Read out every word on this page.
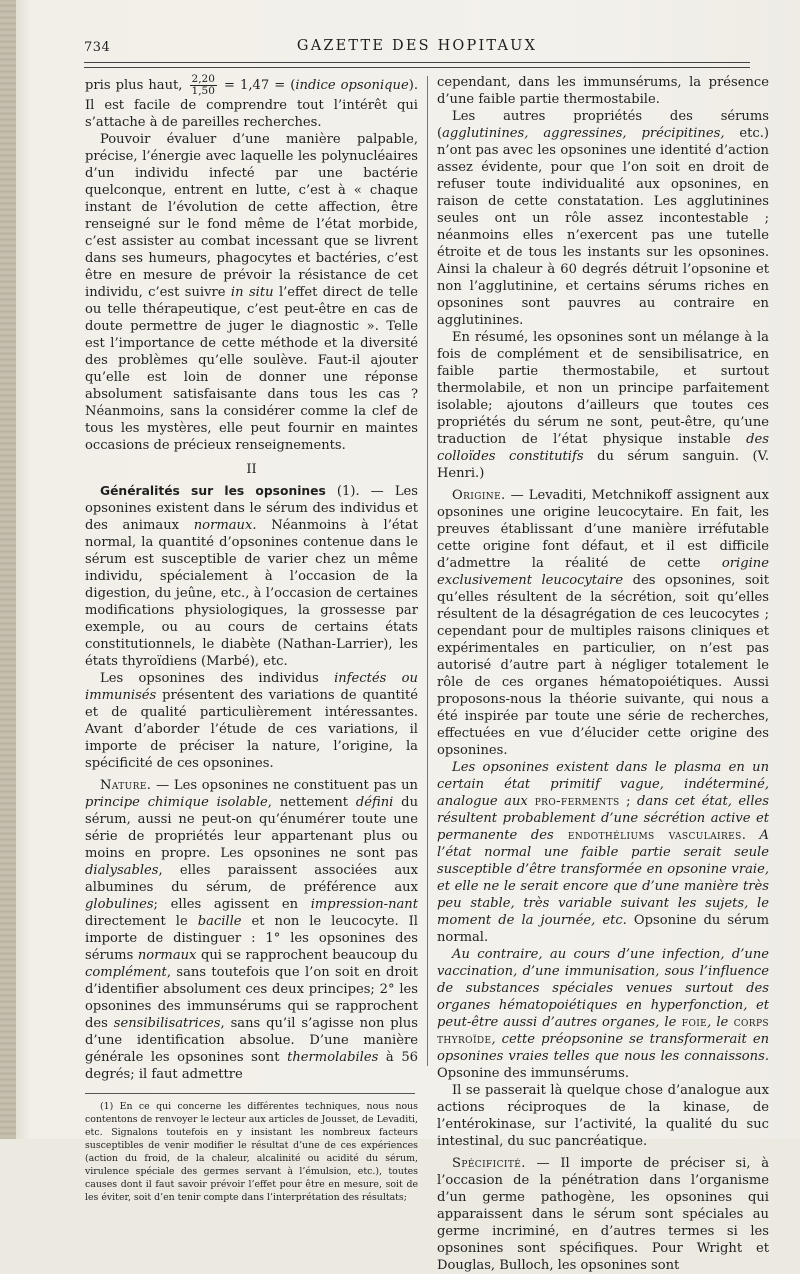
734	GAZETTE DES HOPITAUX

pris plus haut, $\frac{2,20}{1,50} = 1,47$ = (indice opsonique). Il est facile de comprendre tout l’intérêt qui s’attache à de pareilles recherches.

Pouvoir évaluer d’une manière palpable, précise, l’énergie avec laquelle les polynucléaires d’un individu infecté par une bactérie quelconque, entrent en lutte, c’est à « chaque instant de l’évolution de cette affection, être renseigné sur le fond même de l’état morbide, c’est assister au combat incessant que se livrent dans ses humeurs, phagocytes et bactéries, c’est être en mesure de prévoir la résistance de cet individu, c’est suivre in situ l’effet direct de telle ou telle thérapeutique, c’est peut-être en cas de doute permettre de juger le diagnostic ». Telle est l’importance de cette méthode et la diversité des problèmes qu’elle soulève. Faut-il ajouter qu’elle est loin de donner une réponse absolument satisfaisante dans tous les cas ? Néanmoins, sans la considérer comme la clef de tous les mystères, elle peut fournir en maintes occasions de précieux renseignements.

II

Généralités sur les opsonines (1). — Les opsonines existent dans le sérum des individus et des animaux normaux. Néanmoins à l’état normal, la quantité d’opsonines contenue dans le sérum est susceptible de varier chez un même individu, spécialement à l’occasion de la digestion, du jeûne, etc., à l’occasion de certaines modifications physiologiques, la grossesse par exemple, ou au cours de certains états constitutionnels, le diabète (Nathan-Larrier), les états thyroïdiens (Marbé), etc.

Les opsonines des individus infectés ou immunisés présentent des variations de quantité et de qualité particulièrement intéressantes. Avant d’aborder l’étude de ces variations, il importe de préciser la nature, l’origine, la spécificité de ces opsonines.

Nature. — Les opsonines ne constituent pas un principe chimique isolable, nettement défini du sérum, aussi ne peut-on qu’énumérer toute une série de propriétés leur appartenant plus ou moins en propre. Les opsonines ne sont pas dialysables, elles paraissent associées aux albumines du sérum, de préférence aux globulines; elles agissent en impression-nant directement le bacille et non le leucocyte. Il importe de distinguer : 1° les opsonines des sérums normaux qui se rapprochent beaucoup du complément, sans toutefois que l’on soit en droit d’identifier absolument ces deux principes; 2° les opsonines des immunsérums qui se rapprochent des sensibilisatrices, sans qu’il s’agisse non plus d’une identification absolue. D’une manière générale les opsonines sont thermolabiles à 56 degrés; il faut admettre

(1) En ce qui concerne les différentes techniques, nous nous contentons de renvoyer le lecteur aux articles de Jousset, de Levaditi, etc. Signalons toutefois en y insistant les nombreux facteurs susceptibles de venir modifier le résultat d’une de ces expériences (action du froid, de la chaleur, alcalinité ou acidité du sérum, virulence spéciale des germes servant à l’émulsion, etc.), toutes causes dont il faut savoir prévoir l’effet pour être en mesure, soit de les éviter, soit d’en tenir compte dans l’interprétation des résultats;

cependant, dans les immunsérums, la présence d’une faible partie thermostabile.

Les autres propriétés des sérums (agglutinines, aggressines, précipitines, etc.) n’ont pas avec les opsonines une identité d’action assez évidente, pour que l’on soit en droit de refuser toute individualité aux opsonines, en raison de cette constatation. Les agglutinines seules ont un rôle assez incontestable ; néanmoins elles n’exercent pas une tutelle étroite et de tous les instants sur les opsonines. Ainsi la chaleur à 60 degrés détruit l’opsonine et non l’agglutinine, et certains sérums riches en opsonines sont pauvres au contraire en agglutinines.

En résumé, les opsonines sont un mélange à la fois de complément et de sensibilisatrice, en faible partie thermostabile, et surtout thermolabile, et non un principe parfaitement isolable; ajoutons d’ailleurs que toutes ces propriétés du sérum ne sont, peut-être, qu’une traduction de l’état physique instable des colloïdes constitutifs du sérum sanguin. (V. Henri.)

Origine. — Levaditi, Metchnikoff assignent aux opsonines une origine leucocytaire. En fait, les preuves établissant d’une manière irréfutable cette origine font défaut, et il est difficile d’admettre la réalité de cette origine exclusivement leucocytaire des opsonines, soit qu’elles résultent de la sécrétion, soit qu’elles résultent de la désagrégation de ces leucocytes ; cependant pour de multiples raisons cliniques et expérimentales en particulier, on n’est pas autorisé d’autre part à négliger totalement le rôle de ces organes hématopoiétiques. Aussi proposons-nous la théorie suivante, qui nous a été inspirée par toute une série de recherches, effectuées en vue d’élucider cette origine des opsonines.

Les opsonines existent dans le plasma en un certain état primitif vague, indéterminé, analogue aux pro-ferments ; dans cet état, elles résultent probablement d’une sécrétion active et permanente des endothéliums vasculaires. A l’état normal une faible partie serait seule susceptible d’être transformée en opsonine vraie, et elle ne le serait encore que d’une manière très peu stable, très variable suivant les sujets, le moment de la journée, etc. Opsonine du sérum normal.

Au contraire, au cours d’une infection, d’une vaccination, d’une immunisation, sous l’influence de substances spéciales venues surtout des organes hématopoiétiques en hyperfonction, et peut-être aussi d’autres organes, le foie, le corps thyroïde, cette préopsonine se transformerait en opsonines vraies telles que nous les connaissons. Opsonine des immunsérums.

Il se passerait là quelque chose d’analogue aux actions réciproques de la kinase, de l’entérokinase, sur l’activité, la qualité du suc intestinal, du suc pancréatique.

Spécificité. — Il importe de préciser si, à l’occasion de la pénétration dans l’organisme d’un germe pathogène, les opsonines qui apparaissent dans le sérum sont spéciales au germe incriminé, en d’autres termes si les opsonines sont spécifiques. Pour Wright et Douglas, Bulloch, les opsonines sont
